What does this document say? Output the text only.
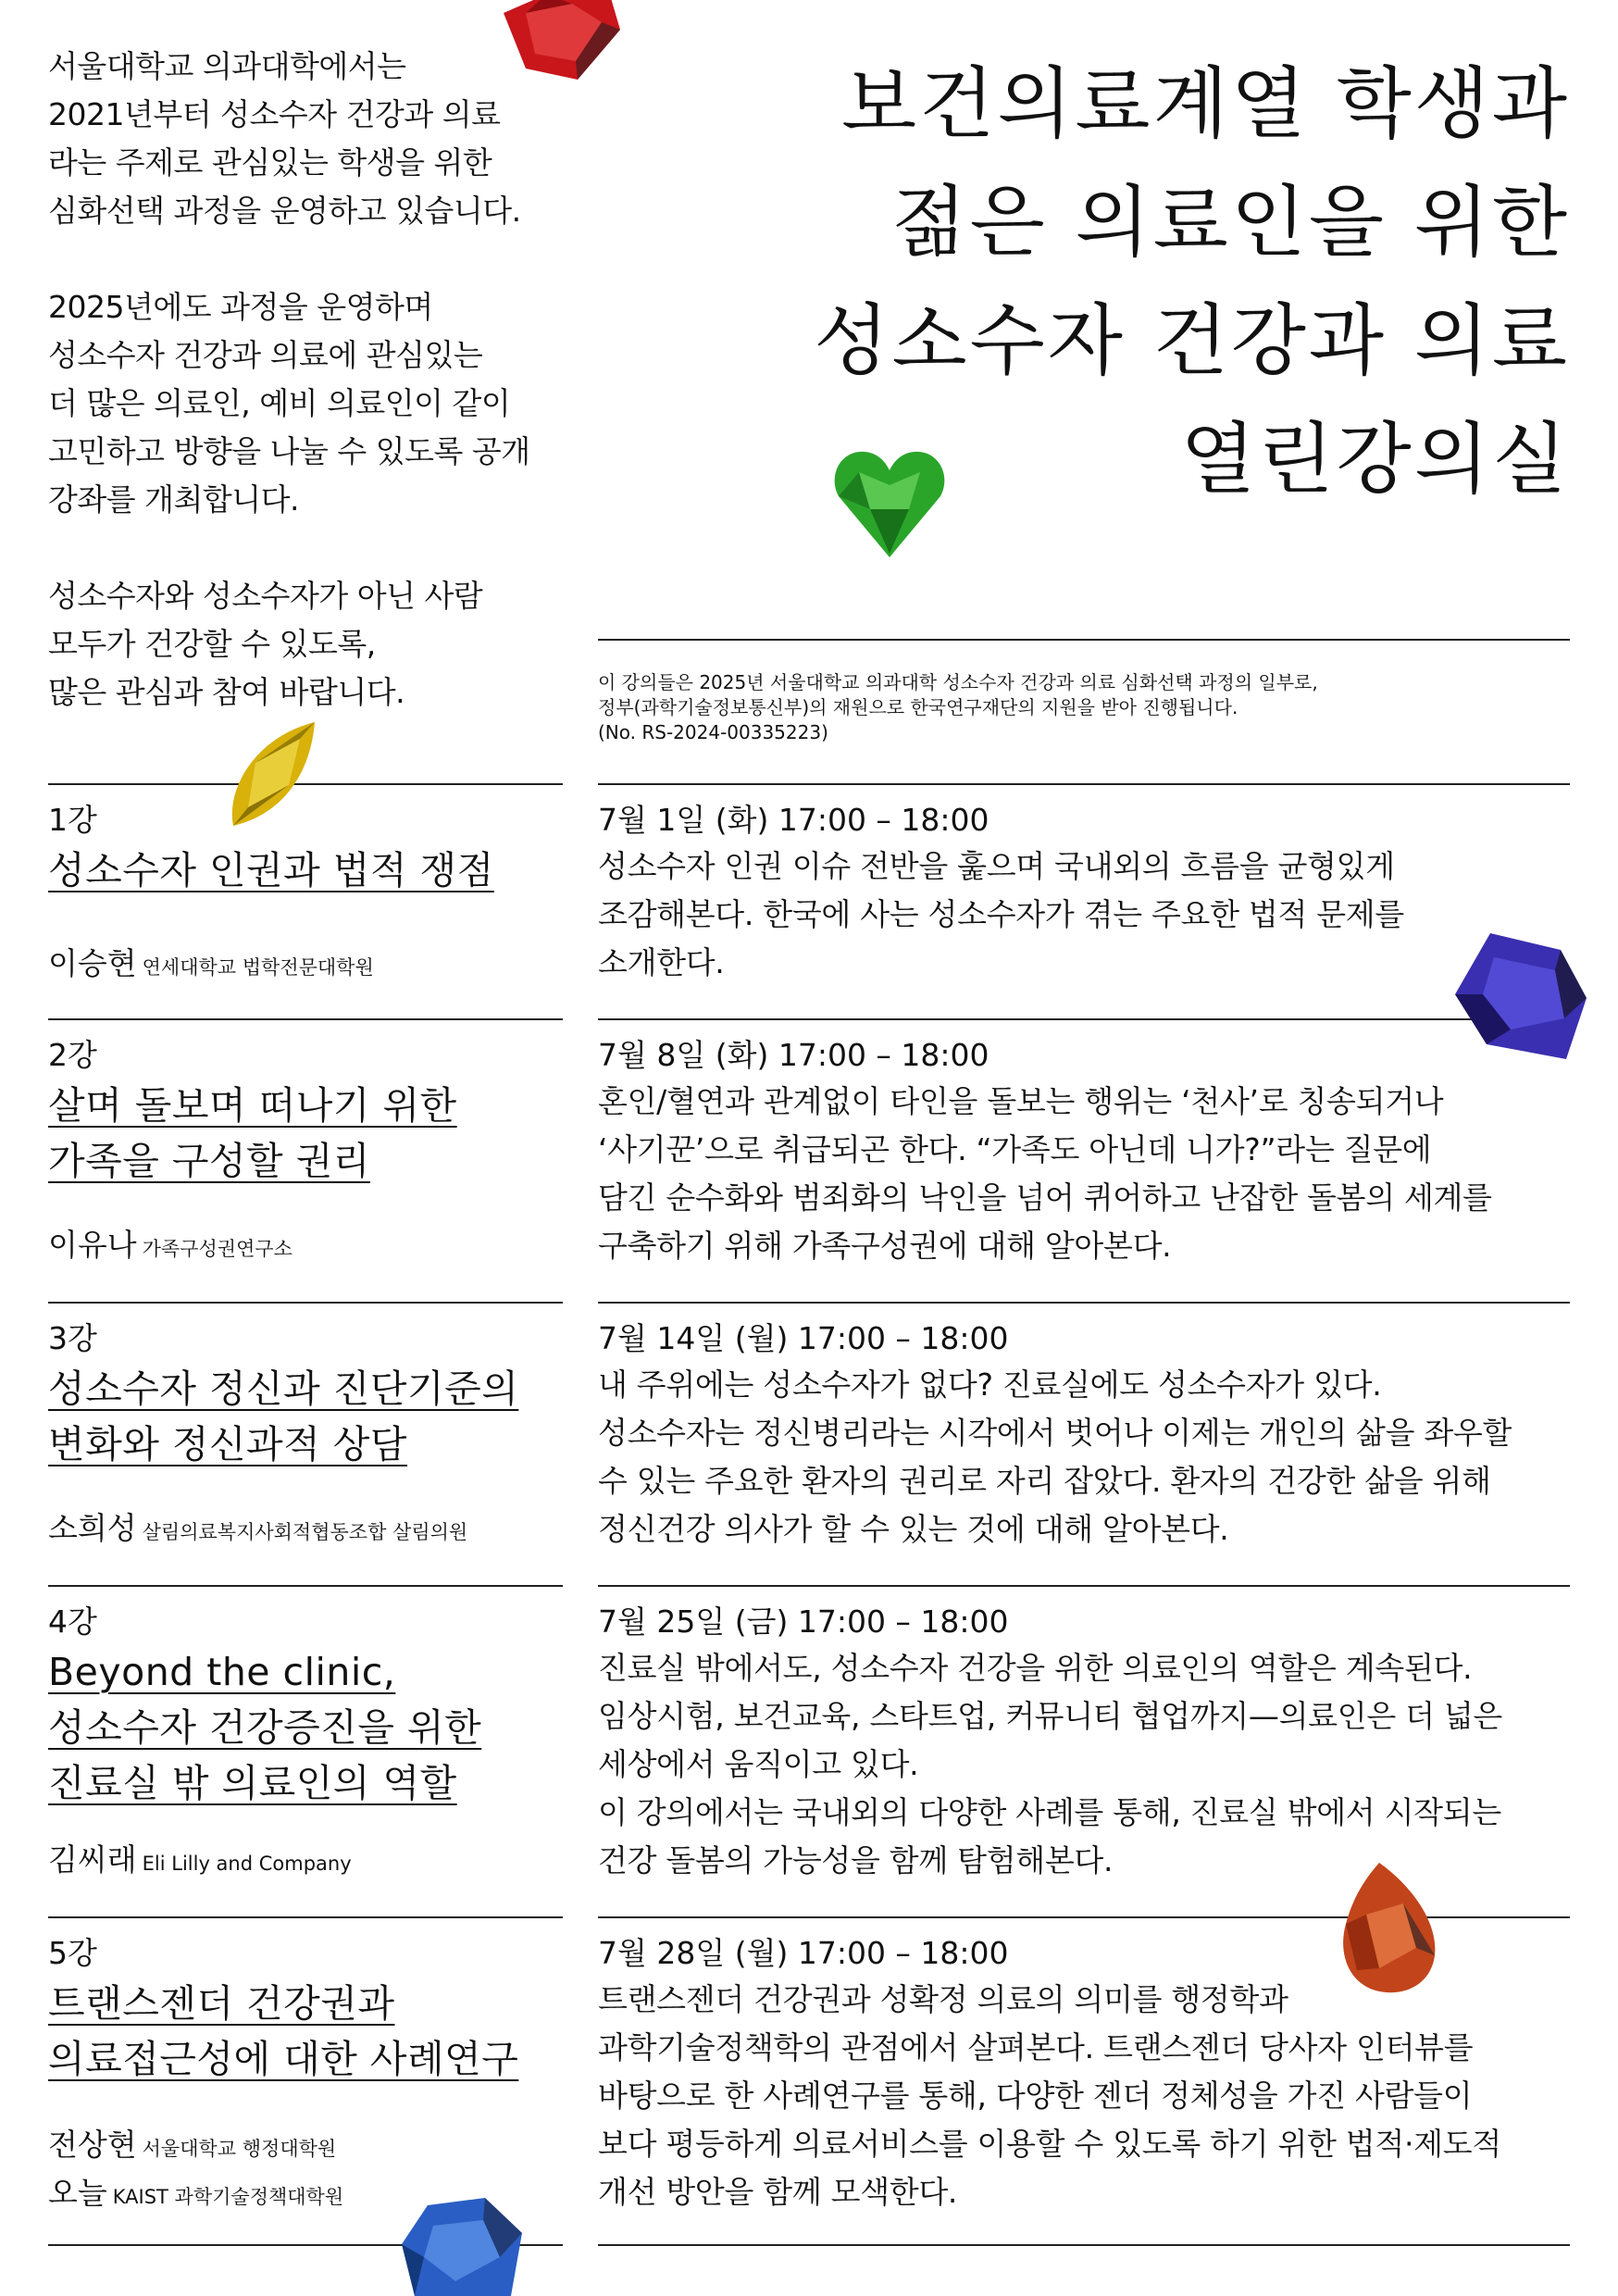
서울대학교 의과대학에서는
2021년부터 성소수자 건강과 의료
라는 주제로 관심있는 학생을 위한
심화선택 과정을 운영하고 있습니다.

2025년에도 과정을 운영하며
성소수자 건강과 의료에 관심있는
더 많은 의료인, 예비 의료인이 같이
고민하고 방향을 나눌 수 있도록 공개
강좌를 개최합니다.

성소수자와 성소수자가 아닌 사람
모두가 건강할 수 있도록,
많은 관심과 참여 바랍니다.

보건의료계열 학생과
젊은 의료인을 위한
성소수자 건강과 의료
열린강의실
이 강의들은 2025년 서울대학교 의과대학 성소수자 건강과 의료 심화선택 과정의 일부로,
정부(과학기술정보통신부)의 재원으로 한국연구재단의 지원을 받아 진행됩니다.
(No. RS-2024-00335223)
1강
성소수자 인권과 법적 쟁점
이승현 연세대학교 법학전문대학원
7월 1일 (화) 17:00 – 18:00
성소수자 인권 이슈 전반을 훑으며 국내외의 흐름을 균형있게
조감해본다. 한국에 사는 성소수자가 겪는 주요한 법적 문제를
소개한다.
2강
살며 돌보며 떠나기 위한
가족을 구성할 권리
이유나 가족구성권연구소
7월 8일 (화) 17:00 – 18:00
혼인/혈연과 관계없이 타인을 돌보는 행위는 ‘천사’로 칭송되거나
‘사기꾼’으로 취급되곤 한다. “가족도 아닌데 니가?”라는 질문에
담긴 순수화와 범죄화의 낙인을 넘어 퀴어하고 난잡한 돌봄의 세계를
구축하기 위해 가족구성권에 대해 알아본다.
3강
성소수자 정신과 진단기준의
변화와 정신과적 상담
소희성 살림의료복지사회적협동조합 살림의원
7월 14일 (월) 17:00 – 18:00
내 주위에는 성소수자가 없다? 진료실에도 성소수자가 있다.
성소수자는 정신병리라는 시각에서 벗어나 이제는 개인의 삶을 좌우할
수 있는 주요한 환자의 권리로 자리 잡았다. 환자의 건강한 삶을 위해
정신건강 의사가 할 수 있는 것에 대해 알아본다.
4강
Beyond the clinic,
성소수자 건강증진을 위한
진료실 밖 의료인의 역할
김씨래 Eli Lilly and Company
7월 25일 (금) 17:00 – 18:00
진료실 밖에서도, 성소수자 건강을 위한 의료인의 역할은 계속된다.
임상시험, 보건교육, 스타트업, 커뮤니티 협업까지—의료인은 더 넓은
세상에서 움직이고 있다.
이 강의에서는 국내외의 다양한 사례를 통해, 진료실 밖에서 시작되는
건강 돌봄의 가능성을 함께 탐험해본다.
5강
트랜스젠더 건강권과
의료접근성에 대한 사례연구
전상현 서울대학교 행정대학원
오늘 KAIST 과학기술정책대학원
7월 28일 (월) 17:00 – 18:00
트랜스젠더 건강권과 성확정 의료의 의미를 행정학과
과학기술정책학의 관점에서 살펴본다. 트랜스젠더 당사자 인터뷰를
바탕으로 한 사례연구를 통해, 다양한 젠더 정체성을 가진 사람들이
보다 평등하게 의료서비스를 이용할 수 있도록 하기 위한 법적·제도적
개선 방안을 함께 모색한다.
